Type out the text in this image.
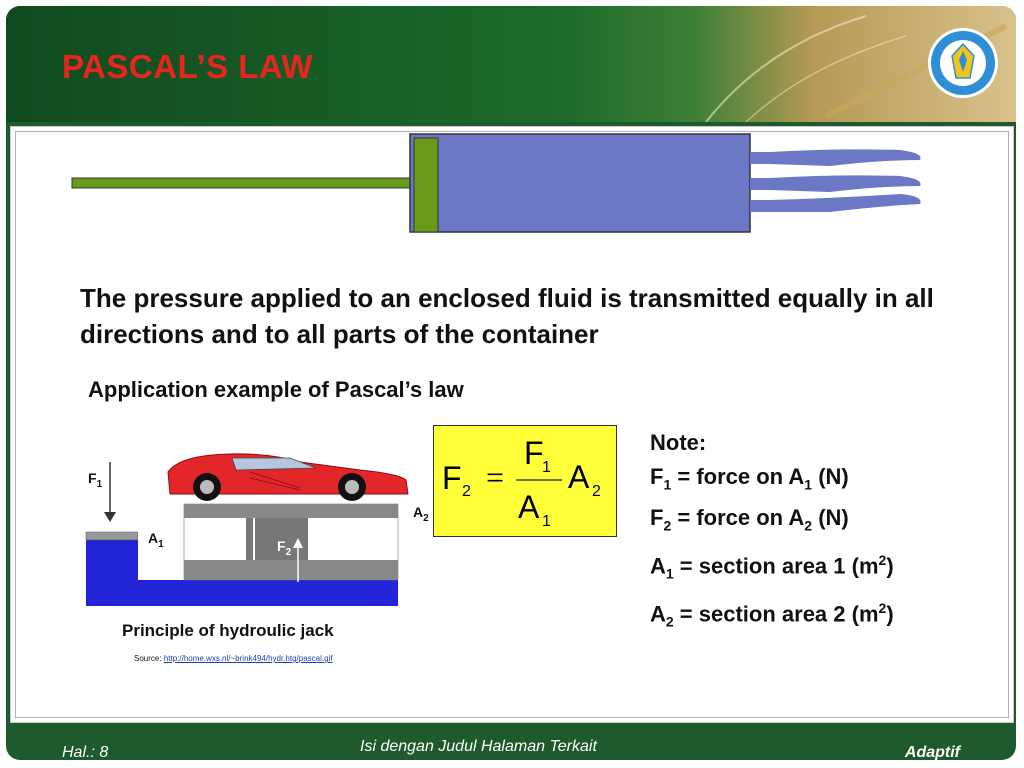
PASCAL’S LAW
Hal.: 8	Isi dengan Judul Halaman Terkait	Adaptif
The pressure applied to an enclosed fluid is transmitted equally in all directions and to all parts of the container
Application example of Pascal’s law
$F_1$
$A_1$	$F_2$
$A_2$
Principle of hydroulic jack
Source: http://home.wxs.nl/~brink494/hydr.htg/pascal.gif
F 2 =
F
1
A 1
A 2
Note:
$F_1$ = force on $A_1$ (N)
$F_2$ = force on $A_2$ (N)
$A_1$ = section area 1 $(m^2)$
$A_2$ = section area 2 $(m^2)$
